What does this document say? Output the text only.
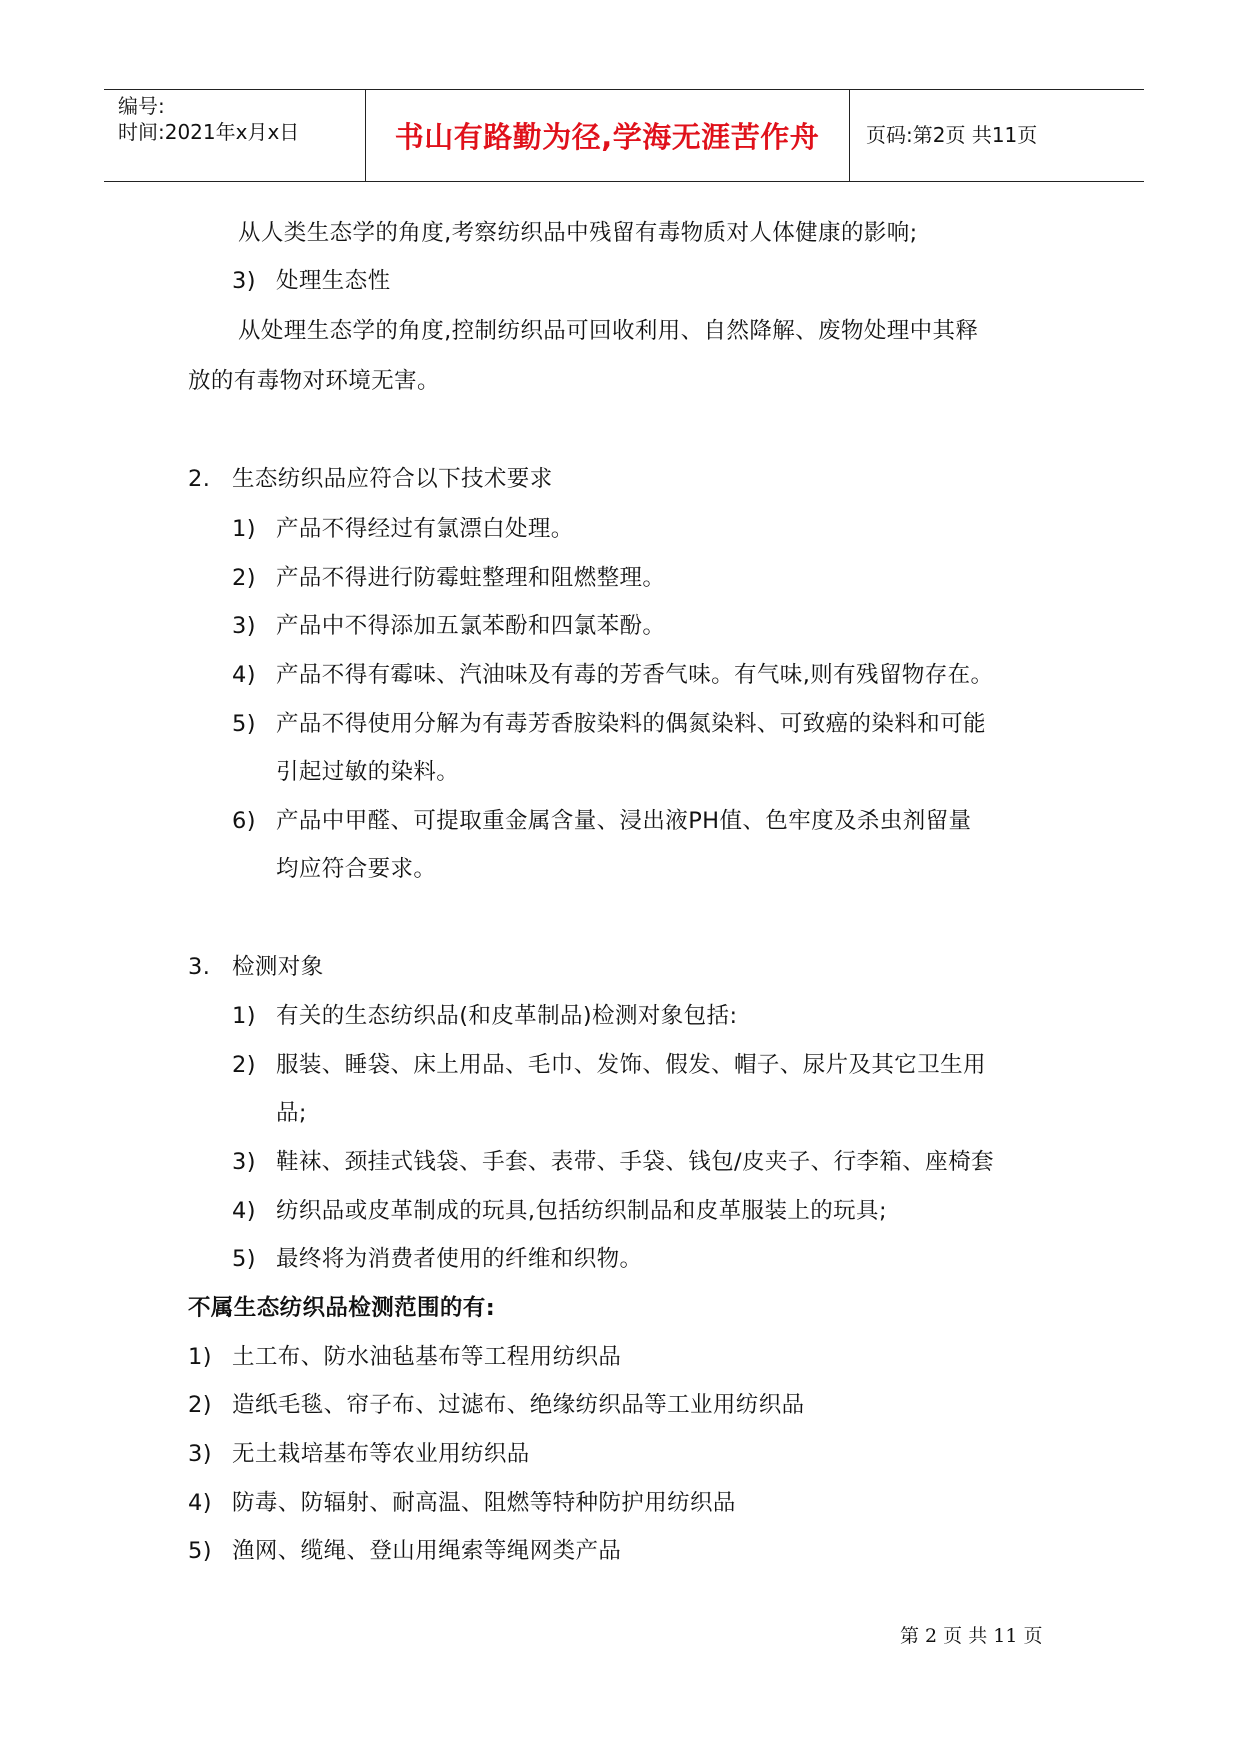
编号:
时间:2021年x月x日	书山有路勤为径,学海无涯苦作舟	页码:第2页 共11页
从人类生态学的角度,考察纺织品中残留有毒物质对人体健康的影响;
3) 处理生态性
从处理生态学的角度,控制纺织品可回收利用、自然降解、废物处理中其释
放的有毒物对环境无害。
2. 生态纺织品应符合以下技术要求
1) 产品不得经过有氯漂白处理。
2) 产品不得进行防霉蛀整理和阻燃整理。
3) 产品中不得添加五氯苯酚和四氯苯酚。
4) 产品不得有霉味、汽油味及有毒的芳香气味。有气味,则有残留物存在。
5) 产品不得使用分解为有毒芳香胺染料的偶氮染料、可致癌的染料和可能
引起过敏的染料。
6) 产品中甲醛、可提取重金属含量、浸出液PH值、色牢度及杀虫剂留量
均应符合要求。
3. 检测对象
1) 有关的生态纺织品(和皮革制品)检测对象包括:
2) 服装、睡袋、床上用品、毛巾、发饰、假发、帽子、尿片及其它卫生用
品;
3) 鞋袜、颈挂式钱袋、手套、表带、手袋、钱包/皮夹子、行李箱、座椅套
4) 纺织品或皮革制成的玩具,包括纺织制品和皮革服装上的玩具;
5) 最终将为消费者使用的纤维和织物。
不属生态纺织品检测范围的有:
1) 土工布、防水油毡基布等工程用纺织品
2) 造纸毛毯、帘子布、过滤布、绝缘纺织品等工业用纺织品
3) 无土栽培基布等农业用纺织品
4) 防毒、防辐射、耐高温、阻燃等特种防护用纺织品
5) 渔网、缆绳、登山用绳索等绳网类产品
第 2 页 共 11 页
